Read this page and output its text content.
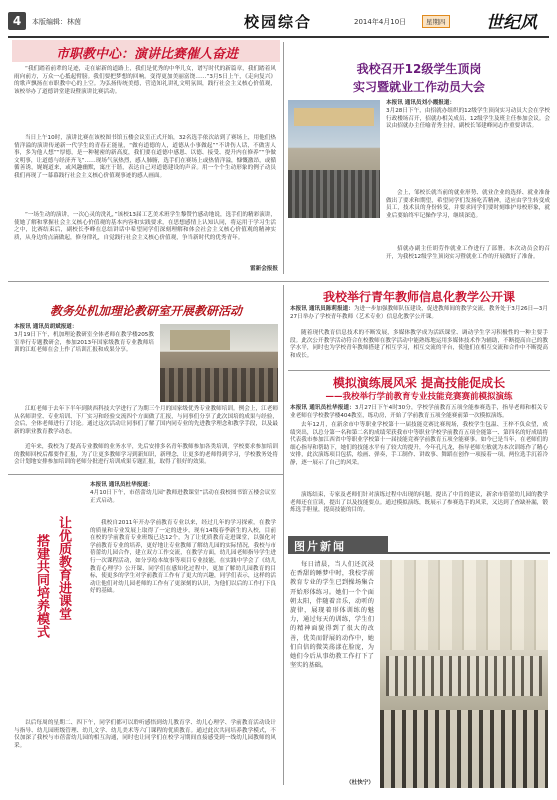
4	本版编辑：林茵	校园综合	2014年4月10日	星期四 世纪风
市职教中心：演讲比赛催人奋进
“我们踏着前辈的足迹，走在崭新的道路上，我们是优秀的中华儿女，谱写时代的新篇章，我们踏着风雨向前方，万众一心抵起臂膀。我们要把梦想的回响。变得更加美丽富饶……”3月5日上午，《走向复兴》的歌声飘扬在市职教中心的上空。为弘扬传统美德，营造知礼讲礼文明氛围，践行社会主义核心价值观，该校举办了道德讲堂建设暨演讲比赛活动。
当日上午10时，演讲比赛在该校图书馆五楼会议室正式开始，32名选手依次站到了赛场上，用他们热情洋溢的演讲传递新一代学生的青春正能量，“做有道德的人，道德从小事做起”“不讲伤人话，不做害人事，多为他人想”“厚德，是一种秘密的新高度，我们要在道德中感恩、以德、接受、提升内在修养”“争做文明事，让道德与经济齐飞”……现场气氛热烈，感人肺腑，选手们在赛场上或热情洋溢，慷慨激昂，或循循善诱，娓娓道来，或风趣幽默，寓庄于谐，表达自己对道德建设的声音。用一个个生动形象的例子动员我们再现了一幕幕践行社会主义核心价值观事迹的感人画面。
“一场生动的演讲，一次心灵的洗礼，”该校13届工艺美术班学生黎赞竹感动地说，选手们的精彩演讲，使她了解和掌握社会主义核心价值观的基本内容和实践要求，在思想感情上认知认同，将运用于学习生活之中，比赛结束后，副校长李峰在总结讲话中希望同学们深刻理解和体会社会主义核心价值观的精神实质，从身边的点滴做起，修身律礼，自觉践行社会主义核心价值观，争当新时代的优秀青年。
雷新会报报
我校召开12级学生顶岗
实习暨就业工作动员大会
本报讯 通讯员刘小霞报道：
3月28日下午，由招就办组织的12级学生顶岗实习动员大会在学校行政楼场召开，招就办相关成员、12级学生及班主任参加会议。会议由招就办主任喻青秀主持，副校长邹建峰同志作重要讲话。
会上，邹校长就当前的就业形势、就业企业的选择、就业准备做出了要求和期望，希望同学们发扬吃苦精神，适应由学生转变成员工，技术员的身份转变，并要求同学们要时刻维护母校形象，就业后要始终牢记操作学习，继续深造。
招就办副主任胡劳作就业工作进行了部署。本次动员会的召开，为我校12级学生顶岗实习暨就业工作的开展做好了准备。
教务处机加理论教研室开展教研活动
本报讯 通讯员胡斌报道：
3月19日下午，机加理论教研室全体老师在教学楼205教室举行专题教研会，参加2013年国家级教育专业教师培训的江虹老师在会上作了培训汇报和成果分享。
江虹老师于去年下半年到陕西科技大学进行了为期三个月的国家级优秀专业教师培训。例会上，江老师从名师讲堂、专业培训、下厂实习和经验交流四个方面做了汇报，与同事们分享了此次国培的成果与经验，会后，全体老师进行了讨论。通过这次活动让同事们了解了国内同专业的先进教学理念和教学手段，以及最新的职业教育教学动态。
近年来，我校为了提高专业教师的业务水平，先后安排多名青年教师参加各类培训，学校要求参加培训的教师回校后都要作汇报，为了让更多教师学习到新知识，新理念，让更多的老师得到学习，学校教务处将会计划地安排参加培训的老师分批进行培训成果专题汇报，取得了很好的效果。
我校举行青年教师信息化教学公开课
本报讯 通讯员陈莉报道：为进一步加强教师队伍建设，促进教师间的教学交流，教务处于3月26日—3月27日举办了学校青年教师（艺术专业）信息化教学公开课。
随着现代教育信息技术的不断发展，多媒体教学成为活跃课堂、调动学生学习积极性的一种主要手段。此次公开教学活动符合在校教师在教学活动中能熟练地运用多媒体技术作为辅助，不断提高自己的教学水平，同时也为学校青年教师搭建了相互学习，相互交流的平台，使他们在相互交流和合作中不断提高和成长。
模拟演练展风采 提高技能促成长
——我校举行学前教育专业技能竞赛赛前模拟演练
本报讯 通讯员杜华报道：3月27日下午4时30分，学校学前教育五项全能参赛选手，指导老师和相关专业老师在学校教学楼404教室，练功房，开始了学前教育五项全能赛前第一次模拟演练。
去年12月，在新余市中等职业学校第十一届技能竞赛比赛现场，我校学生包温、王梓不负众望，成绩突出，以总分第一名和第二名的成绩荣获我市中等职业学校学前教育五项全能第一、第四名的好成绩将代表我市参加江西省中等职业学校第十一届技能竞赛学前教育五项全能赛事。如今已是当年，在老师们的细心指导和帮助下，她们的技能水平有了较大的提升，今年孔凡龙，指导老师左敏就为本次训练作了精心安排，此次演练项目包括，绘画、弹奏，手工制作、讲故事、舞蹈在创作一项接着一项，两位选手沉着冷静，逐一展示了自己的风采。
演练结束，专家及老师们针对演练过程中出现的问题，提出了中肯的建议，新余市蓓蕾幼儿园的教学老师还在宣读，提出了以及技能要点。通过模拟演练，既展示了参赛选手的风采，又达到了查缺补漏，锻炼选手胆量，提高技能的目的。
本报讯 通讯员杜华报道：
4月10日下午，市蓓蕾幼儿园“教师进教课堂”活动在我校图书馆五楼会议室正式启动。
让优质教育进课堂
搭建共同培养模式
我校自2011年开办学前教育专业以来，经过几年的学习探索，在教学的质量和专业发展上取得了一定的进步，现有14级春季新生的入校，目前在校的学前教育专业班级已达12个，为了让优质教育走进课堂，以强化对学前教育专业的培养，更好地让专业教师了解幼儿园的实际情况，我校与市蓓蕾幼儿园合作，建立双方工作交流，在教学方面，幼儿园老师指导学生进行一次课程活动，如分享绘本故事等项目专业技能，在实践中学会了《幼儿教育心理学》公开课、同学们在感知化过程中，更加了解幼儿园教育的目标，使更多的学生对学前教育工作有了更大的兴趣，同学们表示，这样的活动让他们对幼儿园老师的工作有了更深刻的认识，为他们以后的工作打下良好的基础。
以后每周的星期二、四下午，同学们都可以聆听感悟到幼儿教育学、幼儿心理学、学前教育活动设计与指导、幼儿园班级管理、幼儿文学、幼儿美术等六门课程的优质教育。通过此次共同培养教学模式，不仅加深了我校与市蓓蕾幼儿园的相互沟通，同时也让同学们在校学习期间直接感受到一线幼儿园教师的风采。
图片新闻
每日清晨，当人们还沉浸在香甜的睡梦中时，我校学前教育专业的学生已到操场集合开始形体练习。她们一个个面朝太阳，伴随着音乐，动听的旋律，展现着形体训练的魅力，通过每天的训练，学生们的精神面貌得到了很大的改善，优美而舒展的动作中，她们自信的微笑荡漾在脸庞，为她们今后从事幼教工作打下了坚实的基础。
（杜快宁）
